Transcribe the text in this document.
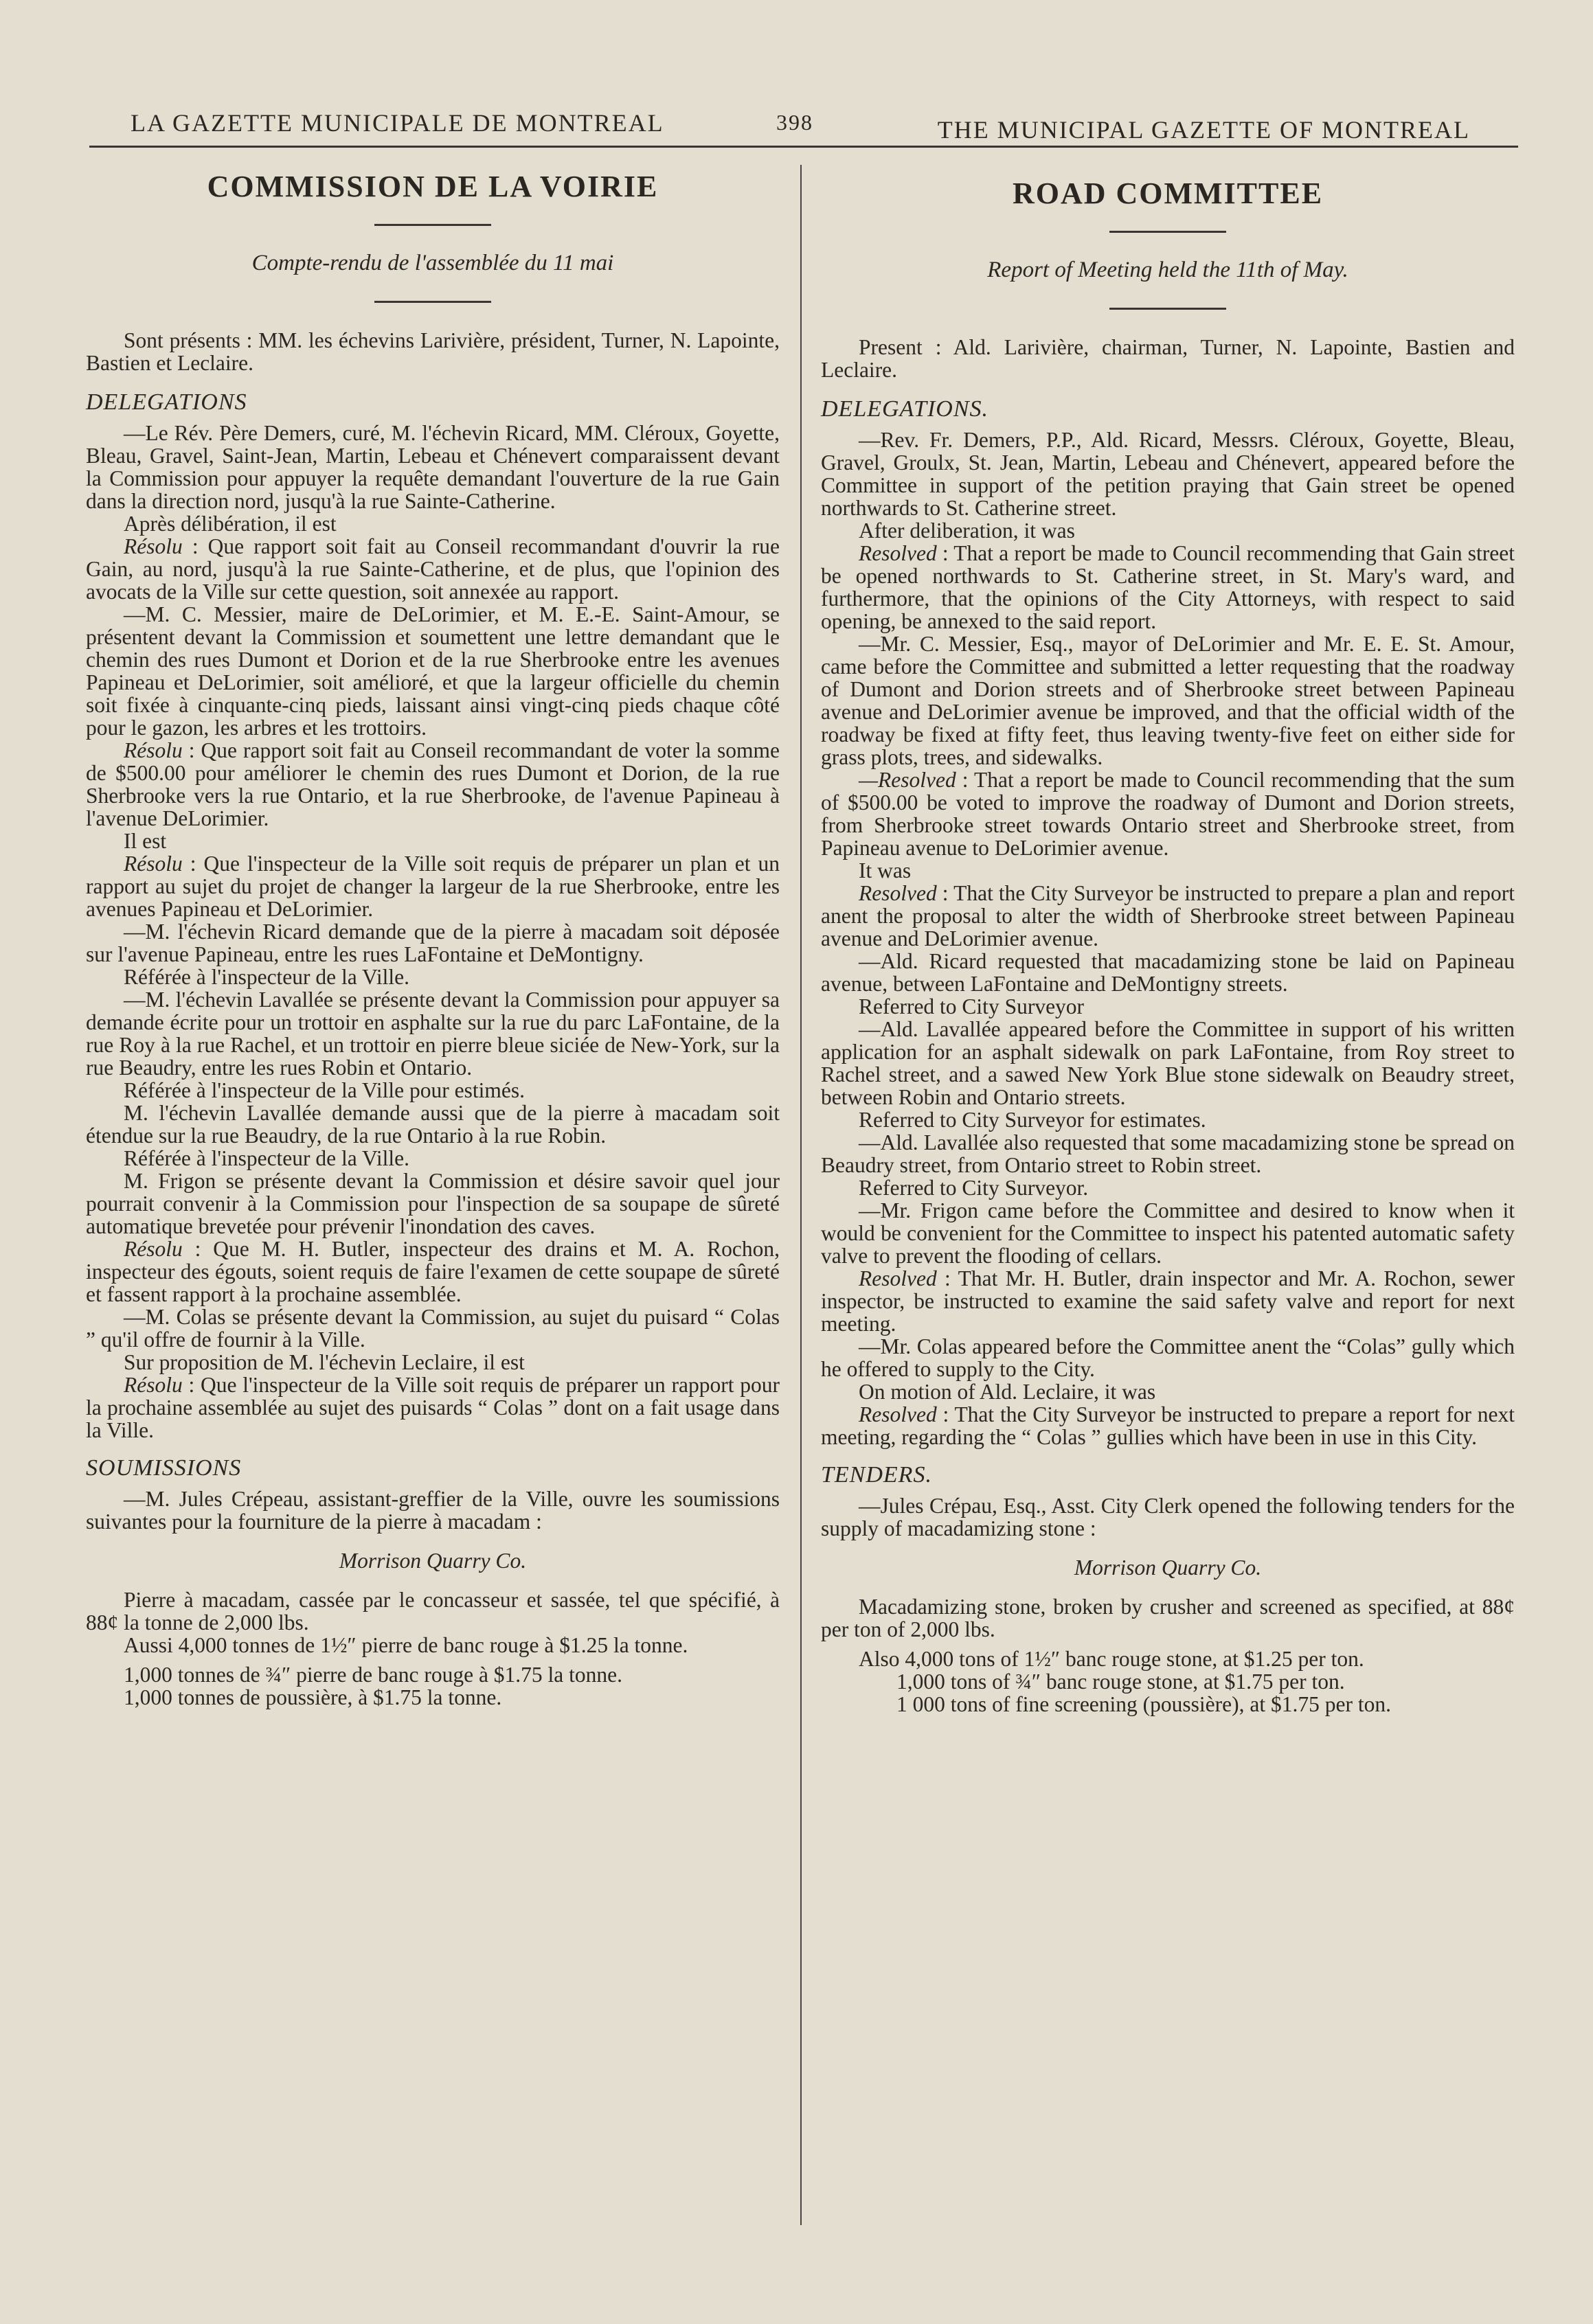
LA GAZETTE MUNICIPALE DE MONTREAL	398	THE MUNICIPAL GAZETTE OF MONTREAL
COMMISSION DE LA VOIRIE

Compte-rendu de l'assemblée du 11 mai

Sont présents : MM. les échevins Larivière, président, Turner, N. Lapointe, Bastien et Leclaire.

DELEGATIONS

—Le Rév. Père Demers, curé, M. l'échevin Ricard, MM. Cléroux, Goyette, Bleau, Gravel, Saint-Jean, Martin, Lebeau et Chénevert comparaissent devant la Commission pour appuyer la requête demandant l'ouverture de la rue Gain dans la direction nord, jusqu'à la rue Sainte-Catherine.

Après délibération, il est

Résolu : Que rapport soit fait au Conseil recommandant d'ouvrir la rue Gain, au nord, jusqu'à la rue Sainte-Catherine, et de plus, que l'opinion des avocats de la Ville sur cette question, soit annexée au rapport.

—M. C. Messier, maire de DeLorimier, et M. E.-E. Saint-Amour, se présentent devant la Commission et soumettent une lettre demandant que le chemin des rues Dumont et Dorion et de la rue Sherbrooke entre les avenues Papineau et DeLorimier, soit amélioré, et que la largeur officielle du chemin soit fixée à cinquante-cinq pieds, laissant ainsi vingt-cinq pieds chaque côté pour le gazon, les arbres et les trottoirs.

Résolu : Que rapport soit fait au Conseil recommandant de voter la somme de $500.00 pour améliorer le chemin des rues Dumont et Dorion, de la rue Sherbrooke vers la rue Ontario, et la rue Sherbrooke, de l'avenue Papineau à l'avenue DeLorimier.

Il est

Résolu : Que l'inspecteur de la Ville soit requis de préparer un plan et un rapport au sujet du projet de changer la largeur de la rue Sherbrooke, entre les avenues Papineau et DeLorimier.

—M. l'échevin Ricard demande que de la pierre à macadam soit déposée sur l'avenue Papineau, entre les rues LaFontaine et DeMontigny.

Référée à l'inspecteur de la Ville.

—M. l'échevin Lavallée se présente devant la Commission pour appuyer sa demande écrite pour un trottoir en asphalte sur la rue du parc LaFontaine, de la rue Roy à la rue Rachel, et un trottoir en pierre bleue siciée de New-York, sur la rue Beaudry, entre les rues Robin et Ontario.

Référée à l'inspecteur de la Ville pour estimés.

M. l'échevin Lavallée demande aussi que de la pierre à macadam soit étendue sur la rue Beaudry, de la rue Ontario à la rue Robin.

Référée à l'inspecteur de la Ville.

M. Frigon se présente devant la Commission et désire savoir quel jour pourrait convenir à la Commission pour l'inspection de sa soupape de sûreté automatique brevetée pour prévenir l'inondation des caves.

Résolu : Que M. H. Butler, inspecteur des drains et M. A. Rochon, inspecteur des égouts, soient requis de faire l'examen de cette soupape de sûreté et fassent rapport à la prochaine assemblée.

—M. Colas se présente devant la Commission, au sujet du puisard “ Colas ” qu'il offre de fournir à la Ville.

Sur proposition de M. l'échevin Leclaire, il est

Résolu : Que l'inspecteur de la Ville soit requis de préparer un rapport pour la prochaine assemblée au sujet des puisards “ Colas ” dont on a fait usage dans la Ville.

SOUMISSIONS

—M. Jules Crépeau, assistant-greffier de la Ville, ouvre les soumissions suivantes pour la fourniture de la pierre à macadam :

Morrison Quarry Co.

Pierre à macadam, cassée par le concasseur et sassée, tel que spécifié, à 88¢ la tonne de 2,000 lbs.

Aussi 4,000 tonnes de 1½″ pierre de banc rouge à $1.25 la tonne.

1,000 tonnes de ¾″ pierre de banc rouge à $1.75 la tonne.

1,000 tonnes de poussière, à $1.75 la tonne.

ROAD COMMITTEE

Report of Meeting held the 11th of May.

Present : Ald. Larivière, chairman, Turner, N. Lapointe, Bastien and Leclaire.

DELEGATIONS.

—Rev. Fr. Demers, P.P., Ald. Ricard, Messrs. Cléroux, Goyette, Bleau, Gravel, Groulx, St. Jean, Martin, Lebeau and Chénevert, appeared before the Committee in support of the petition praying that Gain street be opened northwards to St. Catherine street.

After deliberation, it was

Resolved : That a report be made to Council recommending that Gain street be opened northwards to St. Catherine street, in St. Mary's ward, and furthermore, that the opinions of the City Attorneys, with respect to said opening, be annexed to the said report.

—Mr. C. Messier, Esq., mayor of DeLorimier and Mr. E. E. St. Amour, came before the Committee and submitted a letter requesting that the roadway of Dumont and Dorion streets and of Sherbrooke street between Papineau avenue and DeLorimier avenue be improved, and that the official width of the roadway be fixed at fifty feet, thus leaving twenty-five feet on either side for grass plots, trees, and sidewalks.

—Resolved : That a report be made to Council recommending that the sum of $500.00 be voted to improve the roadway of Dumont and Dorion streets, from Sherbrooke street towards Ontario street and Sherbrooke street, from Papineau avenue to DeLorimier avenue.

It was

Resolved : That the City Surveyor be instructed to prepare a plan and report anent the proposal to alter the width of Sherbrooke street between Papineau avenue and DeLorimier avenue.

—Ald. Ricard requested that macadamizing stone be laid on Papineau avenue, between LaFontaine and DeMontigny streets.

Referred to City Surveyor

—Ald. Lavallée appeared before the Committee in support of his written application for an asphalt sidewalk on park LaFontaine, from Roy street to Rachel street, and a sawed New York Blue stone sidewalk on Beaudry street, between Robin and Ontario streets.

Referred to City Surveyor for estimates.

—Ald. Lavallée also requested that some macadamizing stone be spread on Beaudry street, from Ontario street to Robin street.

Referred to City Surveyor.

—Mr. Frigon came before the Committee and desired to know when it would be convenient for the Committee to inspect his patented automatic safety valve to prevent the flooding of cellars.

Resolved : That Mr. H. Butler, drain inspector and Mr. A. Rochon, sewer inspector, be instructed to examine the said safety valve and report for next meeting.

—Mr. Colas appeared before the Committee anent the “Colas” gully which he offered to supply to the City.

On motion of Ald. Leclaire, it was

Resolved : That the City Surveyor be instructed to prepare a report for next meeting, regarding the “ Colas ” gullies which have been in use in this City.

TENDERS.

—Jules Crépau, Esq., Asst. City Clerk opened the following tenders for the supply of macadamizing stone :

Morrison Quarry Co.

Macadamizing stone, broken by crusher and screened as specified, at 88¢ per ton of 2,000 lbs.

Also 4,000 tons of 1½″ banc rouge stone, at $1.25 per ton.

1,000 tons of ¾″ banc rouge stone, at $1.75 per ton.

1 000 tons of fine screening (poussière), at $1.75 per ton.
